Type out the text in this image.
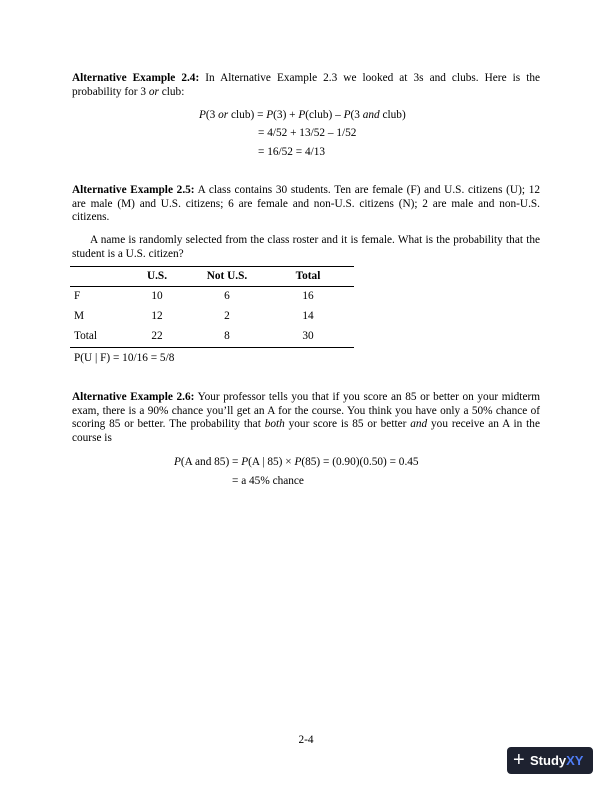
Alternative Example 2.4: In Alternative Example 2.3 we looked at 3s and clubs. Here is the probability for 3 or club:
P(3 or club) = P(3) + P(club) – P(3 and club)
= 4/52 + 13/52 – 1/52
= 16/52 = 4/13
Alternative Example 2.5: A class contains 30 students. Ten are female (F) and U.S. citizens (U); 12 are male (M) and U.S. citizens; 6 are female and non-U.S. citizens (N); 2 are male and non-U.S. citizens.
A name is randomly selected from the class roster and it is female. What is the probability that the student is a U.S. citizen?
	U.S.	Not U.S.	Total
F	10	6	16
M	12	2	14
Total	22	8	30
P(U | F) = 10/16 = 5/8
Alternative Example 2.6: Your professor tells you that if you score an 85 or better on your midterm exam, there is a 90% chance you’ll get an A for the course. You think you have only a 50% chance of scoring 85 or better. The probability that both your score is 85 or better and you receive an A in the course is
P(A and 85) = P(A | 85) × P(85) = (0.90)(0.50) = 0.45
= a 45% chance
2-4
+ StudyXY
